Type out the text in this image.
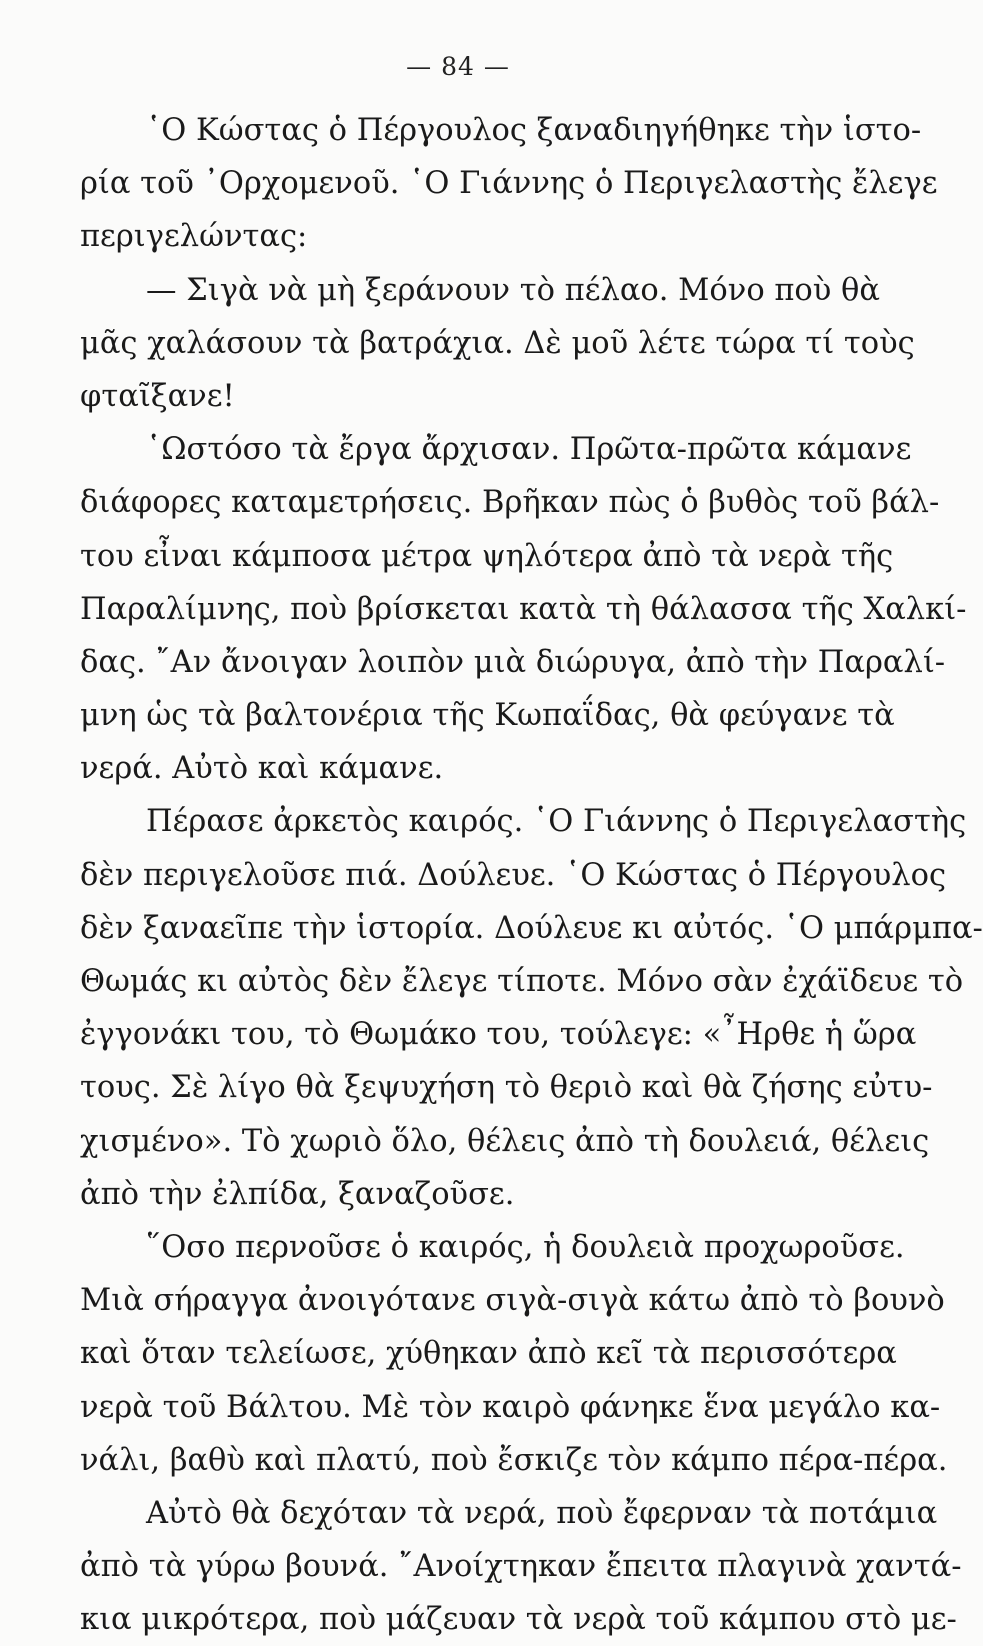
— 84 —
῾Ο Κώστας ὁ Πέργουλος ξαναδιηγήθηκε τὴν ἱστο-
ρία τοῦ ᾿Ορχομενοῦ. ῾Ο Γιάννης ὁ Περιγελαστὴς ἔλεγε
περιγελώντας:
— Σιγὰ νὰ μὴ ξεράνουν τὸ πέλαο. Μόνο ποὺ θὰ
μᾶς χαλάσουν τὰ βατράχια. Δὲ μοῦ λέτε τώρα τί τοὺς
φταῖξανε!
῾Ωστόσο τὰ ἔργα ἄρχισαν. Πρῶτα-πρῶτα κάμανε
διάφορες καταμετρήσεις. Βρῆκαν πὼς ὁ βυθὸς τοῦ βάλ-
του εἶναι κάμποσα μέτρα ψηλότερα ἀπὸ τὰ νερὰ τῆς
Παραλίμνης, ποὺ βρίσκεται κατὰ τὴ θάλασσα τῆς Χαλκί-
δας. ῎Αν ἄνοιγαν λοιπὸν μιὰ διώρυγα, ἀπὸ τὴν Παραλί-
μνη ὡς τὰ βαλτονέρια τῆς Κωπαΐδας, θὰ φεύγανε τὰ
νερά. Αὐτὸ καὶ κάμανε.
Πέρασε ἀρκετὸς καιρός. ῾Ο Γιάννης ὁ Περιγελαστὴς
δὲν περιγελοῦσε πιά. Δούλευε. ῾Ο Κώστας ὁ Πέργουλος
δὲν ξαναεῖπε τὴν ἱστορία. Δούλευε κι αὐτός. ῾Ο μπάρμπα-
Θωμάς κι αὐτὸς δὲν ἔλεγε τίποτε. Μόνο σὰν ἐχάϊδευε τὸ
ἐγγονάκι του, τὸ Θωμάκο του, τούλεγε: «῏Ηρθε ἡ ὥρα
τους. Σὲ λίγο θὰ ξεψυχήση τὸ θεριὸ καὶ θὰ ζήσης εὐτυ-
χισμένο». Τὸ χωριὸ ὅλο, θέλεις ἀπὸ τὴ δουλειά, θέλεις
ἀπὸ τὴν ἐλπίδα, ξαναζοῦσε.
῞Οσο περνοῦσε ὁ καιρός, ἡ δουλειὰ προχωροῦσε.
Μιὰ σήραγγα ἀνοιγότανε σιγὰ-σιγὰ κάτω ἀπὸ τὸ βουνὸ
καὶ ὅταν τελείωσε, χύθηκαν ἀπὸ κεῖ τὰ περισσότερα
νερὰ τοῦ Βάλτου. Μὲ τὸν καιρὸ φάνηκε ἕνα μεγάλο κα-
νάλι, βαθὺ καὶ πλατύ, ποὺ ἔσκιζε τὸν κάμπο πέρα-πέρα.
Αὐτὸ θὰ δεχόταν τὰ νερά, ποὺ ἔφερναν τὰ ποτάμια
ἀπὸ τὰ γύρω βουνά. ῎Ανοίχτηκαν ἔπειτα πλαγινὰ χαντά-
κια μικρότερα, ποὺ μάζευαν τὰ νερὰ τοῦ κάμπου στὸ με-
